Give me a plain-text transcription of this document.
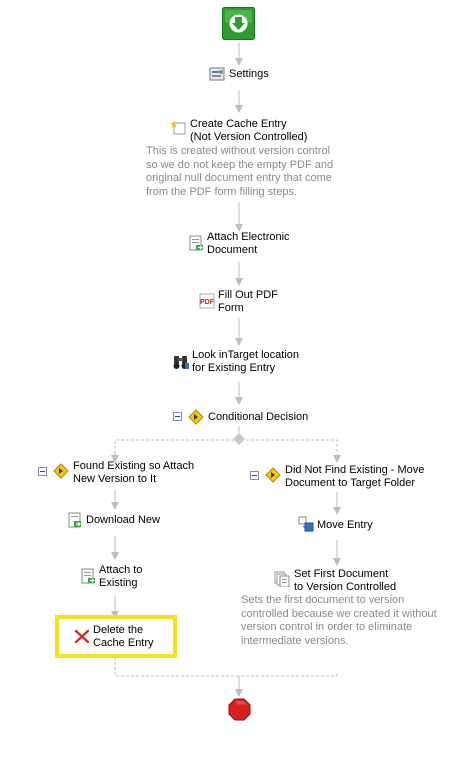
Settings
Create Cache Entry
(Not Version Controlled)
This is created without version control
so we do not keep the empty PDF and
original null document entry that come
from the PDF form filling steps.
Attach Electronic
Document
PDF
Fill Out PDF
Form
Look inTarget location
for Existing Entry
Conditional Decision
Found Existing so Attach
New Version to It
Download New
Attach to
Existing
Delete the
Cache Entry
Did Not Find Existing - Move
Document to Target Folder
Move Entry
Set First Document
to Version Controlled
Sets the first document to version
controlled because we created it without
version control in order to eliminate
intermediate versions.
